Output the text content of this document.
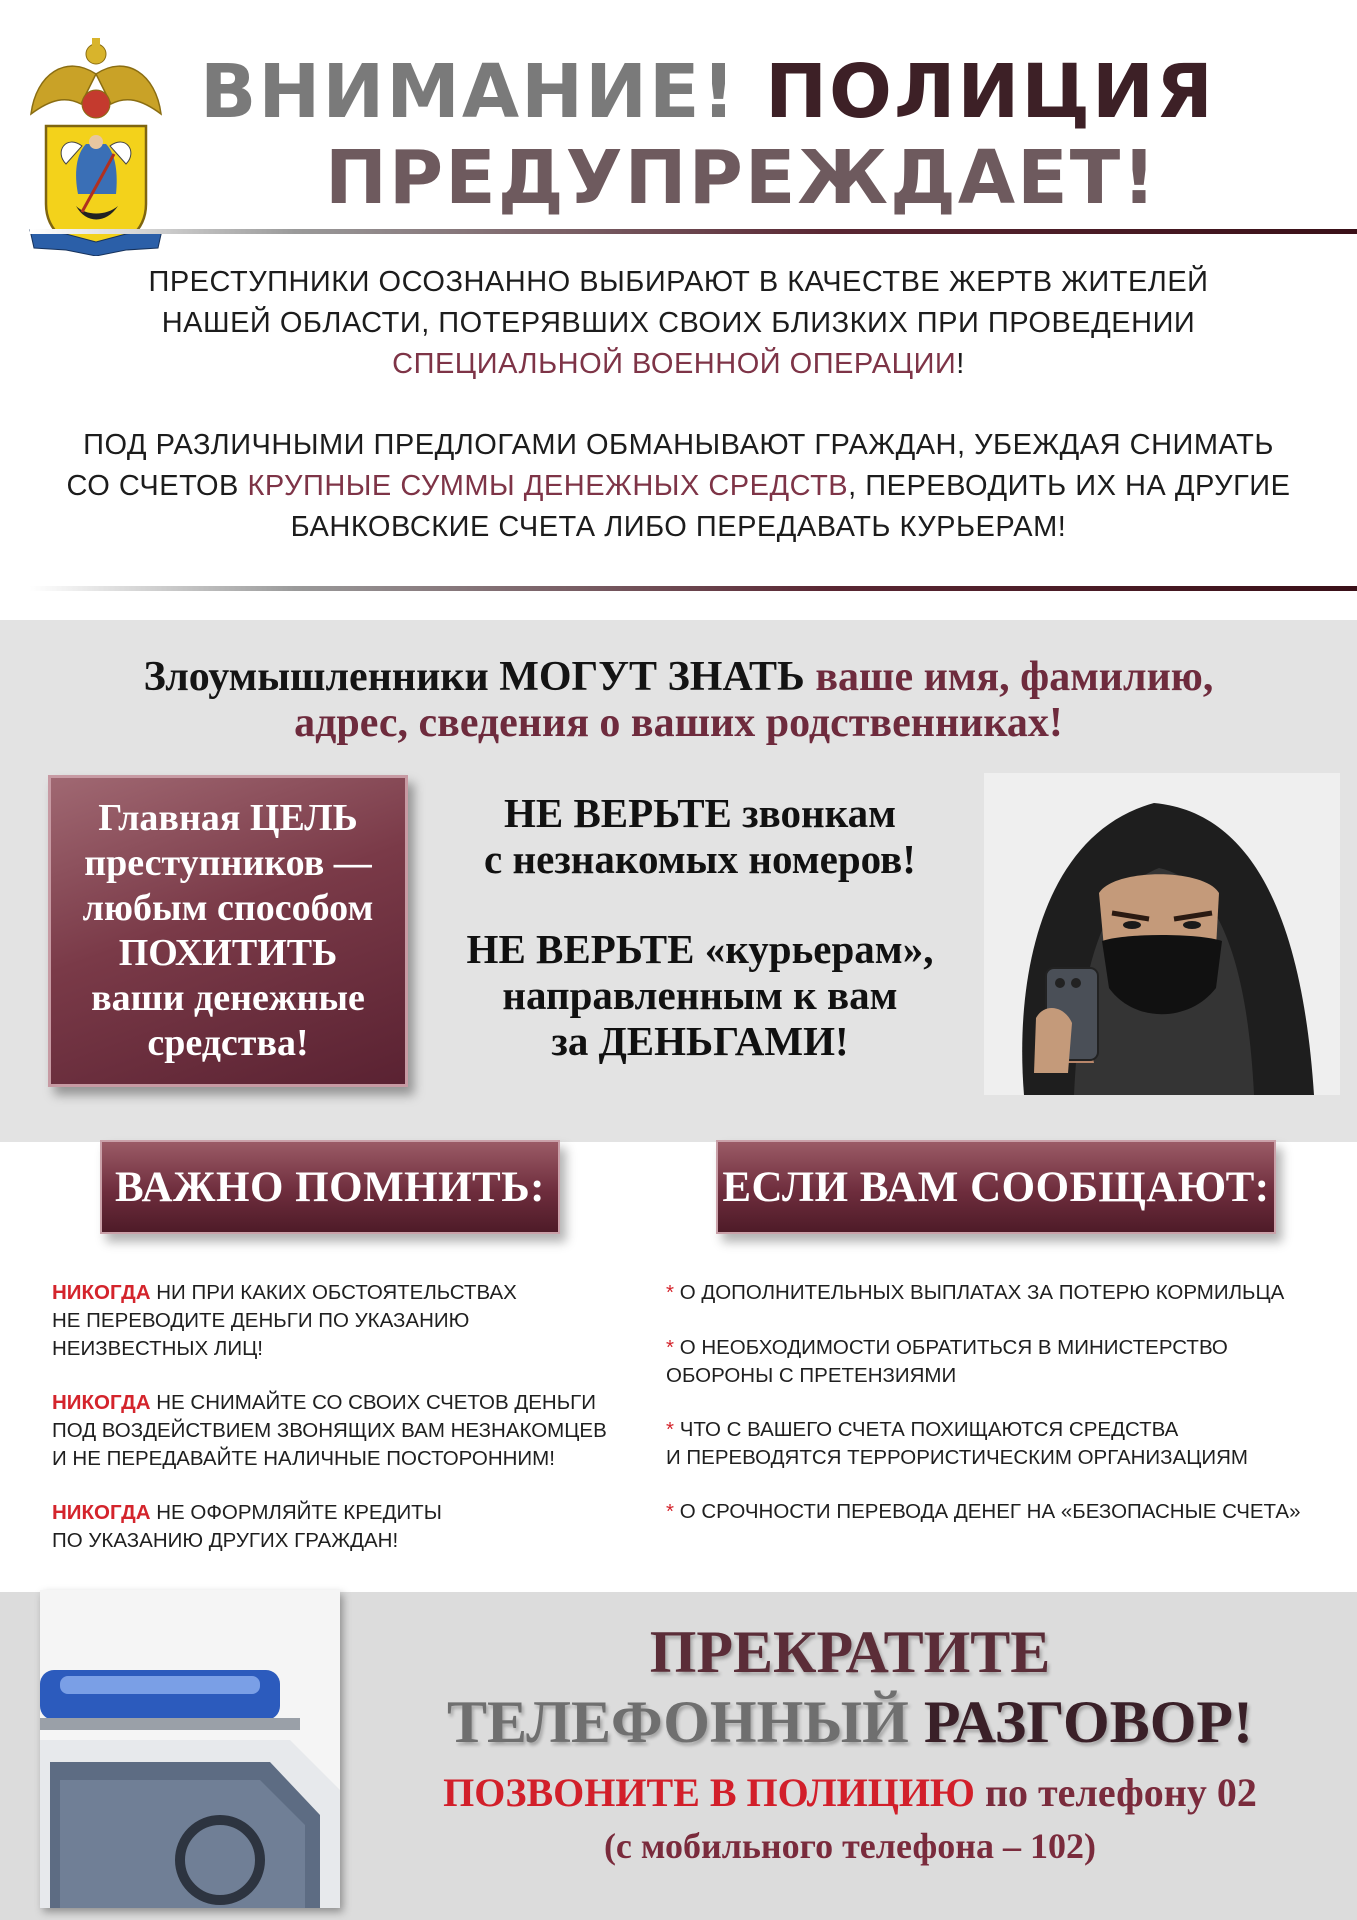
ВНИМАНИЕ! ПОЛИЦИЯ
ПРЕДУПРЕЖДАЕТ!
ПРЕСТУПНИКИ ОСОЗНАННО ВЫБИРАЮТ В КАЧЕСТВЕ ЖЕРТВ ЖИТЕЛЕЙ
НАШЕЙ ОБЛАСТИ, ПОТЕРЯВШИХ СВОИХ БЛИЗКИХ ПРИ ПРОВЕДЕНИИ
СПЕЦИАЛЬНОЙ ВОЕННОЙ ОПЕРАЦИИ!
ПОД РАЗЛИЧНЫМИ ПРЕДЛОГАМИ ОБМАНЫВАЮТ ГРАЖДАН, УБЕЖДАЯ СНИМАТЬ
СО СЧЕТОВ КРУПНЫЕ СУММЫ ДЕНЕЖНЫХ СРЕДСТВ, ПЕРЕВОДИТЬ ИХ НА ДРУГИЕ
БАНКОВСКИЕ СЧЕТА ЛИБО ПЕРЕДАВАТЬ КУРЬЕРАМ!
Злоумышленники МОГУТ ЗНАТЬ ваше имя, фамилию,
адрес, сведения о ваших родственниках!
Главная ЦЕЛЬ
преступников —
любым способом
ПОХИТИТЬ
ваши денежные
средства!
НЕ ВЕРЬТЕ звонкам
с незнакомых номеров!
НЕ ВЕРЬТЕ «курьерам»,
направленным к вам
за ДЕНЬГАМИ!
ВАЖНО ПОМНИТЬ:	ЕСЛИ ВАМ СООБЩАЮТ:
НИКОГДА НИ ПРИ КАКИХ ОБСТОЯТЕЛЬСТВАХ
НЕ ПЕРЕВОДИТЕ ДЕНЬГИ ПО УКАЗАНИЮ
НЕИЗВЕСТНЫХ ЛИЦ!
НИКОГДА НЕ СНИМАЙТЕ СО СВОИХ СЧЕТОВ ДЕНЬГИ
ПОД ВОЗДЕЙСТВИЕМ ЗВОНЯЩИХ ВАМ НЕЗНАКОМЦЕВ
И НЕ ПЕРЕДАВАЙТЕ НАЛИЧНЫЕ ПОСТОРОННИМ!
НИКОГДА НЕ ОФОРМЛЯЙТЕ КРЕДИТЫ
ПО УКАЗАНИЮ ДРУГИХ ГРАЖДАН!
* О ДОПОЛНИТЕЛЬНЫХ ВЫПЛАТАХ ЗА ПОТЕРЮ КОРМИЛЬЦА
* О НЕОБХОДИМОСТИ ОБРАТИТЬСЯ В МИНИСТЕРСТВО
ОБОРОНЫ С ПРЕТЕНЗИЯМИ
* ЧТО С ВАШЕГО СЧЕТА ПОХИЩАЮТСЯ СРЕДСТВА
И ПЕРЕВОДЯТСЯ ТЕРРОРИСТИЧЕСКИМ ОРГАНИЗАЦИЯМ
* О СРОЧНОСТИ ПЕРЕВОДА ДЕНЕГ НА «БЕЗОПАСНЫЕ СЧЕТА»
ПРЕКРАТИТЕ
ТЕЛЕФОННЫЙ РАЗГОВОР!
ПОЗВОНИТЕ В ПОЛИЦИЮ по телефону 02
(с мобильного телефона – 102)
